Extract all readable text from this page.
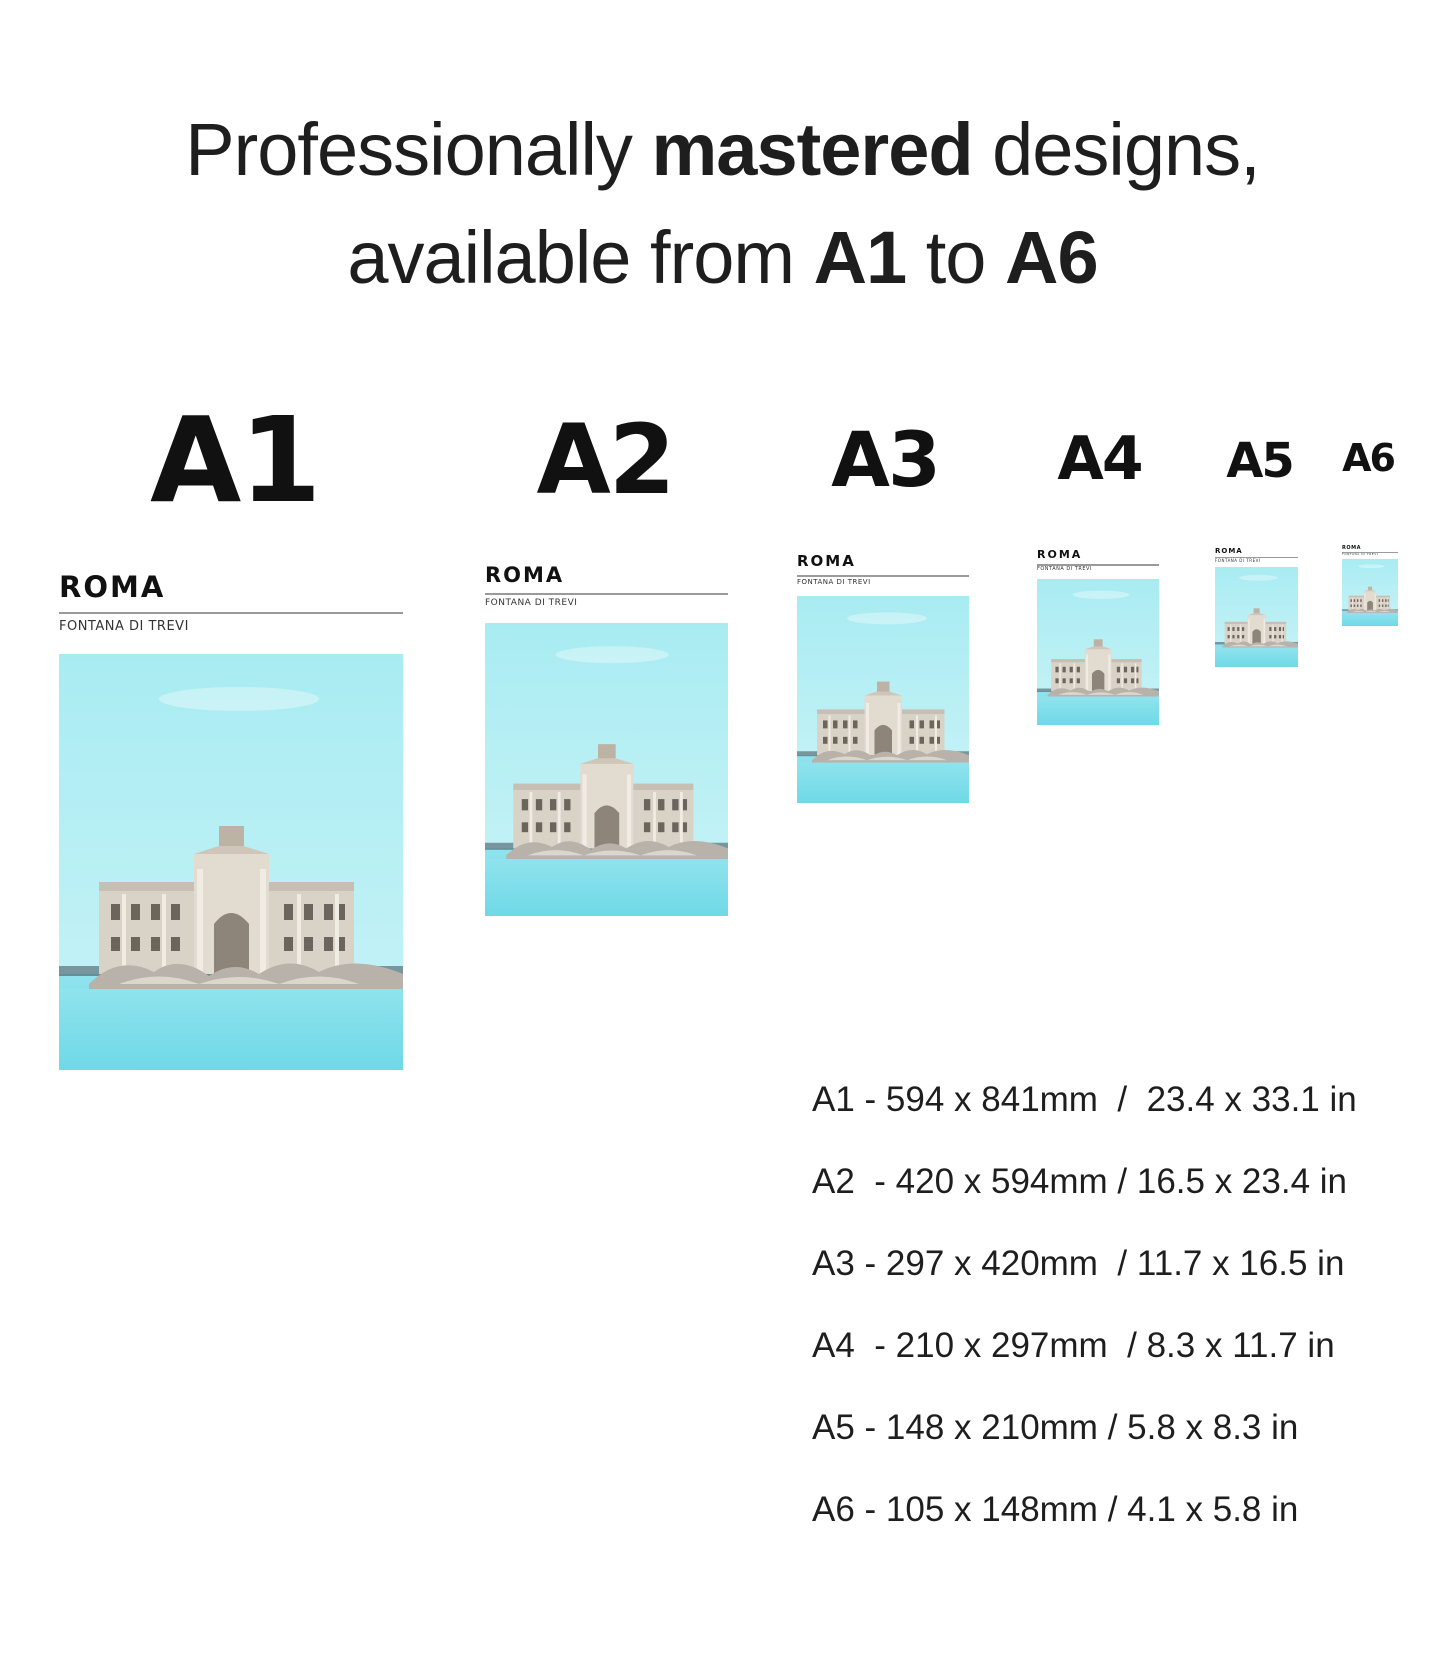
Professionally mastered designs,
available from A1 to A6
A1 A2 A3 A4 A5 A6
ROMA
FONTANA DI TREVI
ROMA
FONTANA DI TREVI
ROMA
FONTANA DI TREVI
ROMA
FONTANA DI TREVI
ROMA
FONTANA DI TREVI
ROMA
FONTANA DI TREVI
A1 - 594 x 841mm  /  23.4 x 33.1 in
A2  - 420 x 594mm / 16.5 x 23.4 in
A3 - 297 x 420mm  / 11.7 x 16.5 in
A4  - 210 x 297mm  / 8.3 x 11.7 in
A5 - 148 x 210mm / 5.8 x 8.3 in
A6 - 105 x 148mm / 4.1 x 5.8 in
